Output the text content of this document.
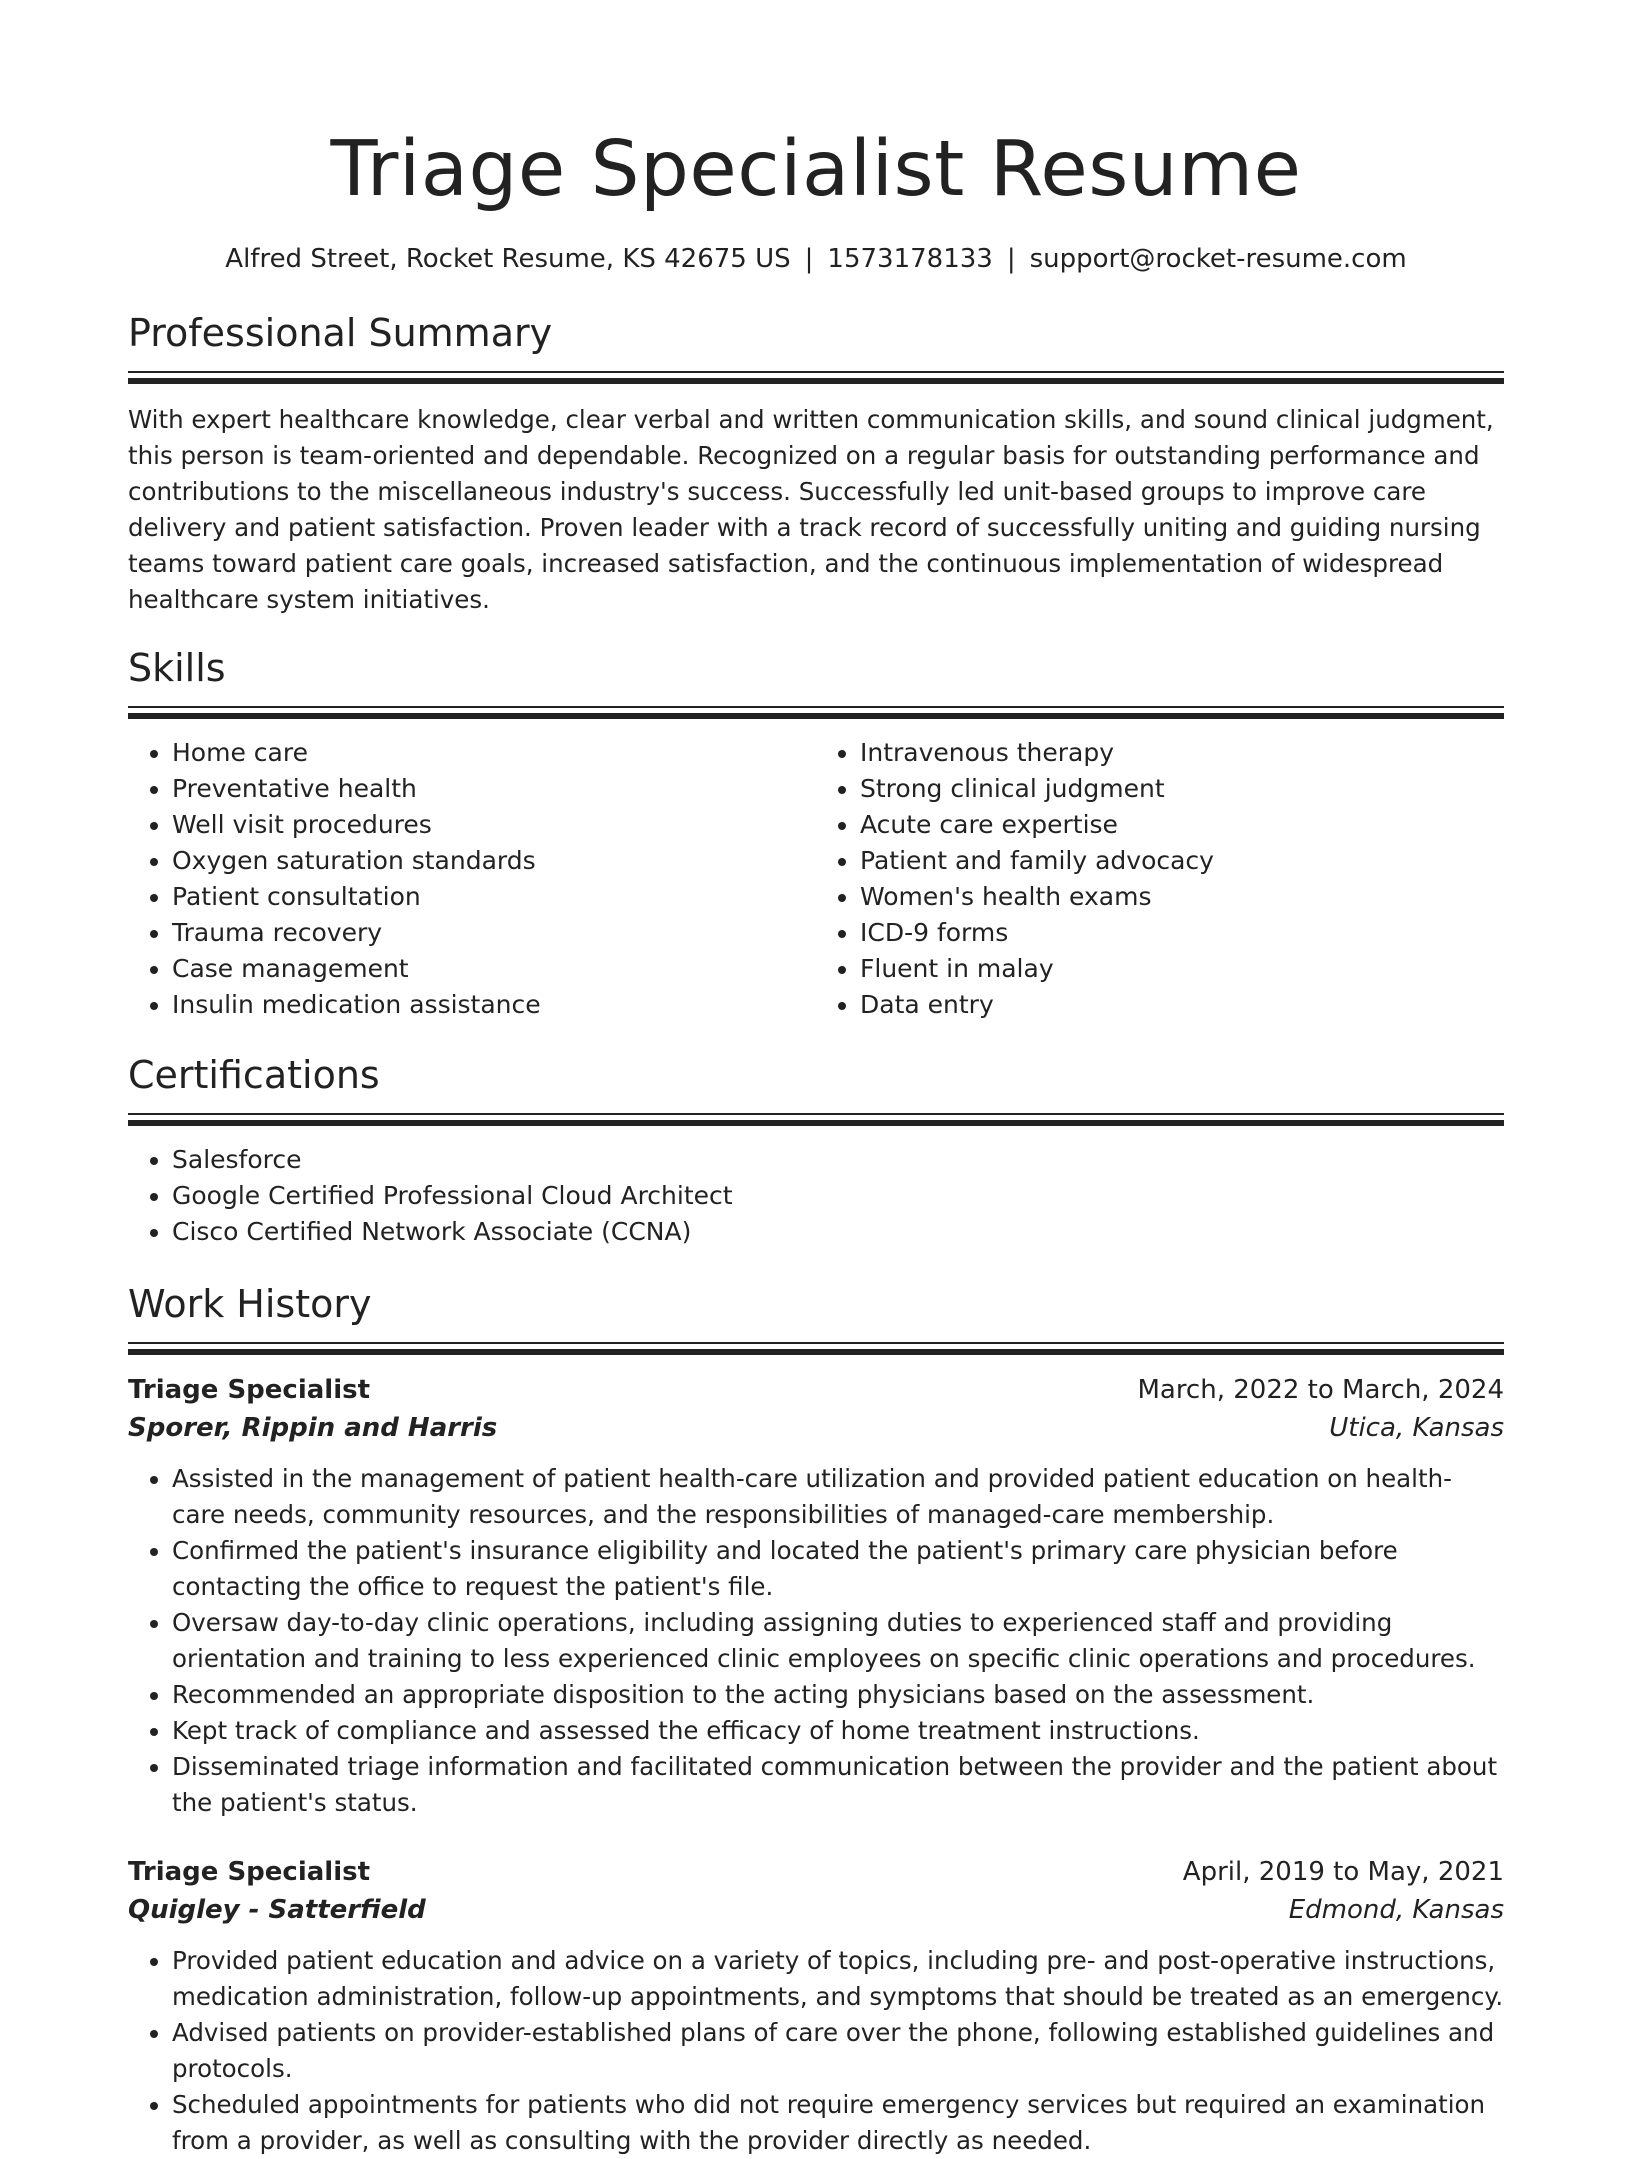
Triage Specialist Resume
Alfred Street, Rocket Resume, KS 42675 US | 1573178133 | support@rocket-resume.com
Professional Summary

With expert healthcare knowledge, clear verbal and written communication skills, and sound clinical judgment, this person is team-oriented and dependable. Recognized on a regular basis for outstanding performance and contributions to the miscellaneous industry's success. Successfully led unit-based groups to improve care delivery and patient satisfaction. Proven leader with a track record of successfully uniting and guiding nursing teams toward patient care goals, increased satisfaction, and the continuous implementation of widespread healthcare system initiatives.

Skills
• Home care
• Preventative health
• Well visit procedures
• Oxygen saturation standards
• Patient consultation
• Trauma recovery
• Case management
• Insulin medication assistance
• Intravenous therapy
• Strong clinical judgment
• Acute care expertise
• Patient and family advocacy
• Women's health exams
• ICD-9 forms
• Fluent in malay
• Data entry
Certifications
• Salesforce
• Google Certified Professional Cloud Architect
• Cisco Certified Network Associate (CCNA)
Work History
Triage Specialist	March, 2022 to March, 2024
Sporer, Rippin and Harris	Utica, Kansas
• Assisted in the management of patient health-care utilization and provided patient education on health-care needs, community resources, and the responsibilities of managed-care membership.
• Confirmed the patient's insurance eligibility and located the patient's primary care physician before contacting the office to request the patient's file.
• Oversaw day-to-day clinic operations, including assigning duties to experienced staff and providing orientation and training to less experienced clinic employees on specific clinic operations and procedures.
• Recommended an appropriate disposition to the acting physicians based on the assessment.
• Kept track of compliance and assessed the efficacy of home treatment instructions.
• Disseminated triage information and facilitated communication between the provider and the patient about the patient's status.
Triage Specialist	April, 2019 to May, 2021
Quigley - Satterfield	Edmond, Kansas
• Provided patient education and advice on a variety of topics, including pre- and post-operative instructions, medication administration, follow-up appointments, and symptoms that should be treated as an emergency.
• Advised patients on provider-established plans of care over the phone, following established guidelines and protocols.
• Scheduled appointments for patients who did not require emergency services but required an examination from a provider, as well as consulting with the provider directly as needed.
